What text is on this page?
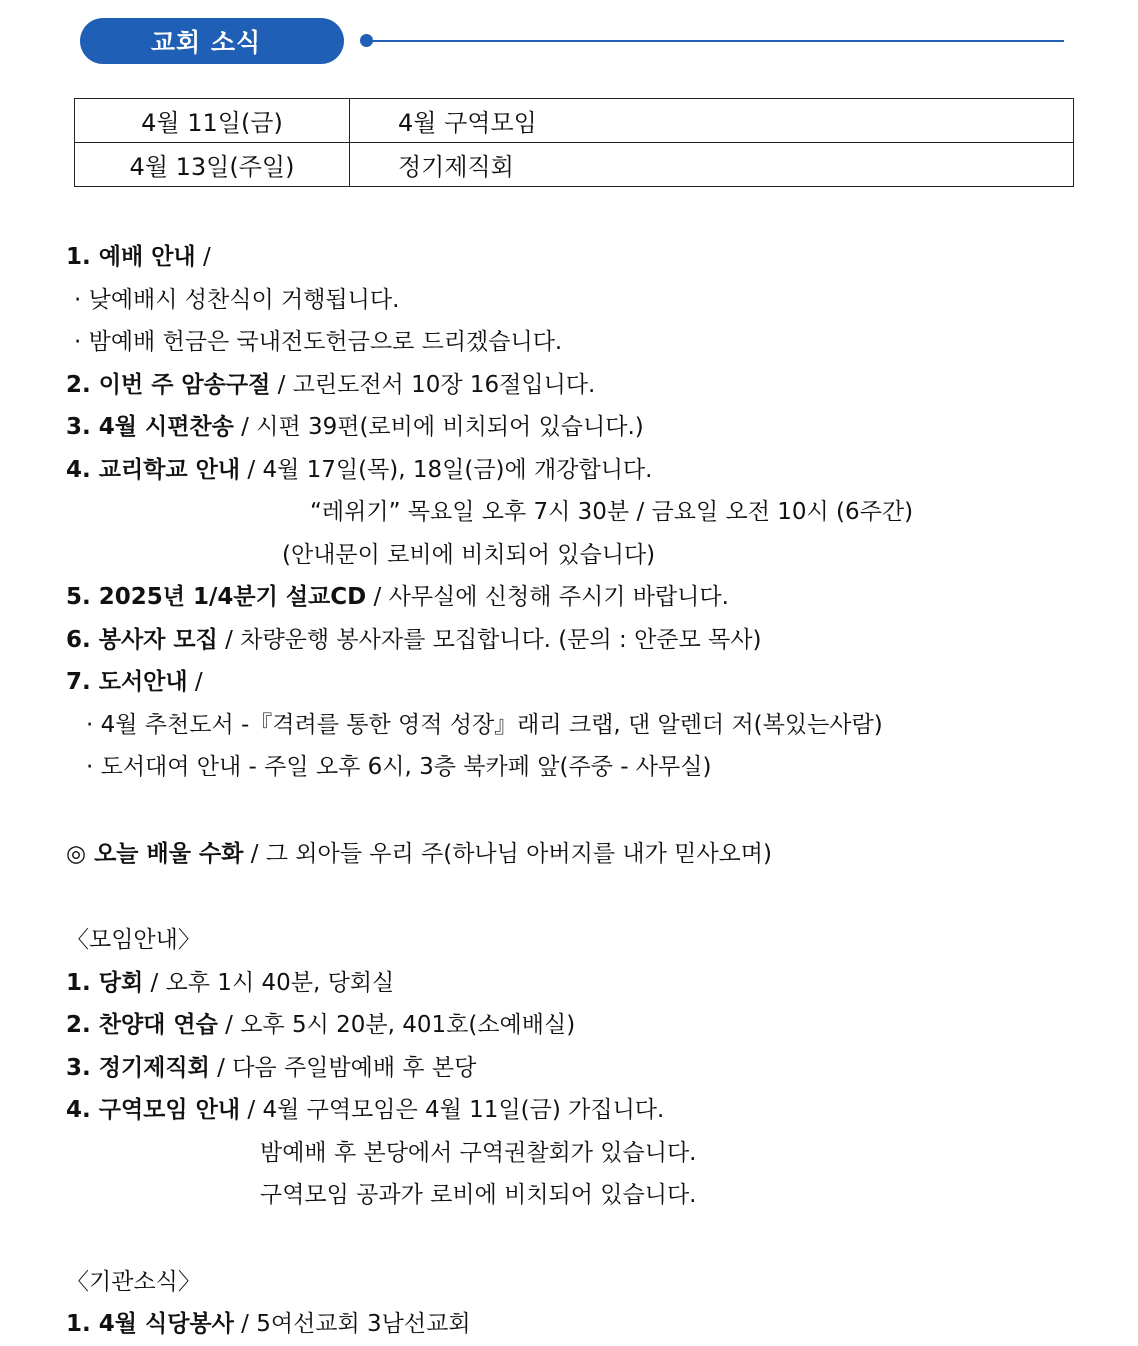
교회 소식
4월 11일(금)	4월 구역모임
4월 13일(주일)	정기제직회
1. 예배 안내 /
· 낮예배시 성찬식이 거행됩니다.
· 밤예배 헌금은 국내전도헌금으로 드리겠습니다.
2. 이번 주 암송구절 / 고린도전서 10장 16절입니다.
3. 4월 시편찬송 / 시편 39편(로비에 비치되어 있습니다.)
4. 교리학교 안내 / 4월 17일(목), 18일(금)에 개강합니다.
“레위기” 목요일 오후 7시 30분 / 금요일 오전 10시 (6주간)
(안내문이 로비에 비치되어 있습니다)
5. 2025년 1/4분기 설교CD / 사무실에 신청해 주시기 바랍니다.
6. 봉사자 모집 / 차량운행 봉사자를 모집합니다. (문의 : 안준모 목사)
7. 도서안내 /
· 4월 추천도서 -『격려를 통한 영적 성장』래리 크랩, 댄 알렌더 저(복있는사람)
· 도서대여 안내 - 주일 오후 6시, 3층 북카페 앞(주중 - 사무실)
◎ 오늘 배울 수화 / 그 외아들 우리 주(하나님 아버지를 내가 믿사오며)
〈모임안내〉
1. 당회 / 오후 1시 40분, 당회실
2. 찬양대 연습 / 오후 5시 20분, 401호(소예배실)
3. 정기제직회 / 다음 주일밤예배 후 본당
4. 구역모임 안내 / 4월 구역모임은 4월 11일(금) 가집니다.
밤예배 후 본당에서 구역권찰회가 있습니다.
구역모임 공과가 로비에 비치되어 있습니다.
〈기관소식〉
1. 4월 식당봉사 / 5여선교회 3남선교회
